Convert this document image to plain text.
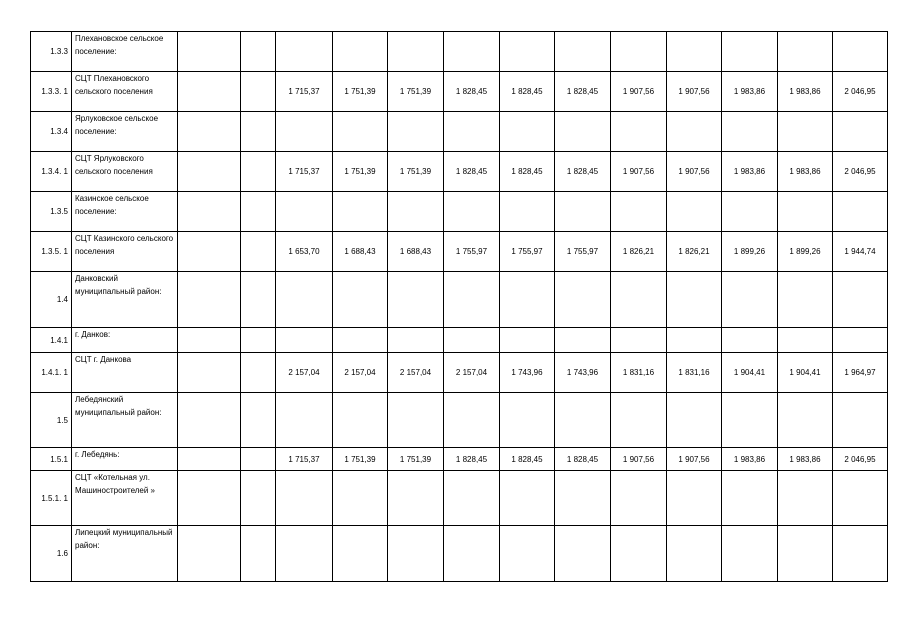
1.3.3	Плехановское сельское поселение:													
1.3.3. 1	СЦТ Плехановского сельского поселения			1 715,37	1 751,39	1 751,39	1 828,45	1 828,45	1 828,45	1 907,56	1 907,56	1 983,86	1 983,86	2 046,95
1.3.4	Ярлуковское сельское поселение:													
1.3.4. 1	СЦТ Ярлуковского сельского поселения			1 715,37	1 751,39	1 751,39	1 828,45	1 828,45	1 828,45	1 907,56	1 907,56	1 983,86	1 983,86	2 046,95
1.3.5	Казинское сельское поселение:													
1.3.5. 1	СЦТ Казинского сельского поселения			1 653,70	1 688,43	1 688,43	1 755,97	1 755,97	1 755,97	1 826,21	1 826,21	1 899,26	1 899,26	1 944,74
1.4	Данковский муниципальный район:													
1.4.1	г. Данков:													
1.4.1. 1	СЦТ г. Данкова			2 157,04	2 157,04	2 157,04	2 157,04	1 743,96	1 743,96	1 831,16	1 831,16	1 904,41	1 904,41	1 964,97
1.5	Лебедянский муниципальный район:													
1.5.1	г. Лебедянь:			1 715,37	1 751,39	1 751,39	1 828,45	1 828,45	1 828,45	1 907,56	1 907,56	1 983,86	1 983,86	2 046,95
1.5.1. 1	СЦТ «Котельная ул. Машиностроителей »													
1.6	Липецкий муниципальный район:													
